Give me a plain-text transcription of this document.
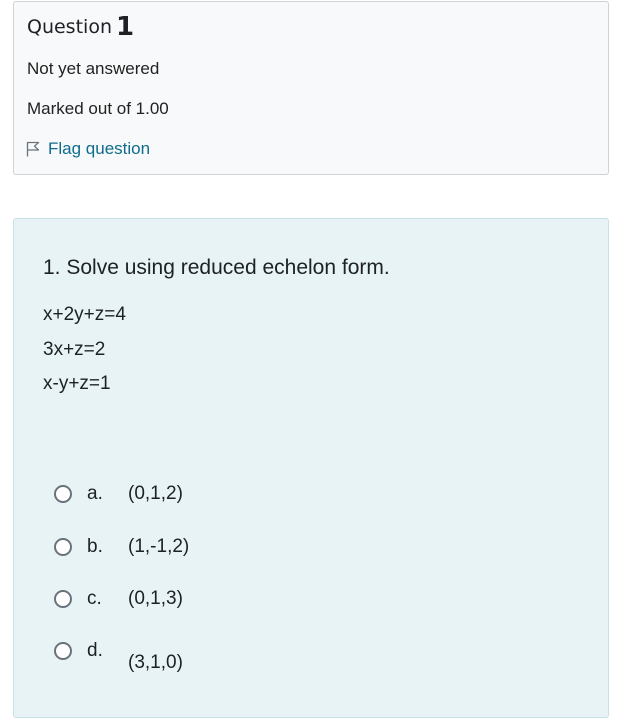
Question 1
Not yet answered
Marked out of 1.00
Flag question
1. Solve using reduced echelon form.
x+2y+z=4
3x+z=2
x-y+z=1
a. (0,1,2)
b. (1,-1,2)
c. (0,1,3)
d.
(3,1,0)
